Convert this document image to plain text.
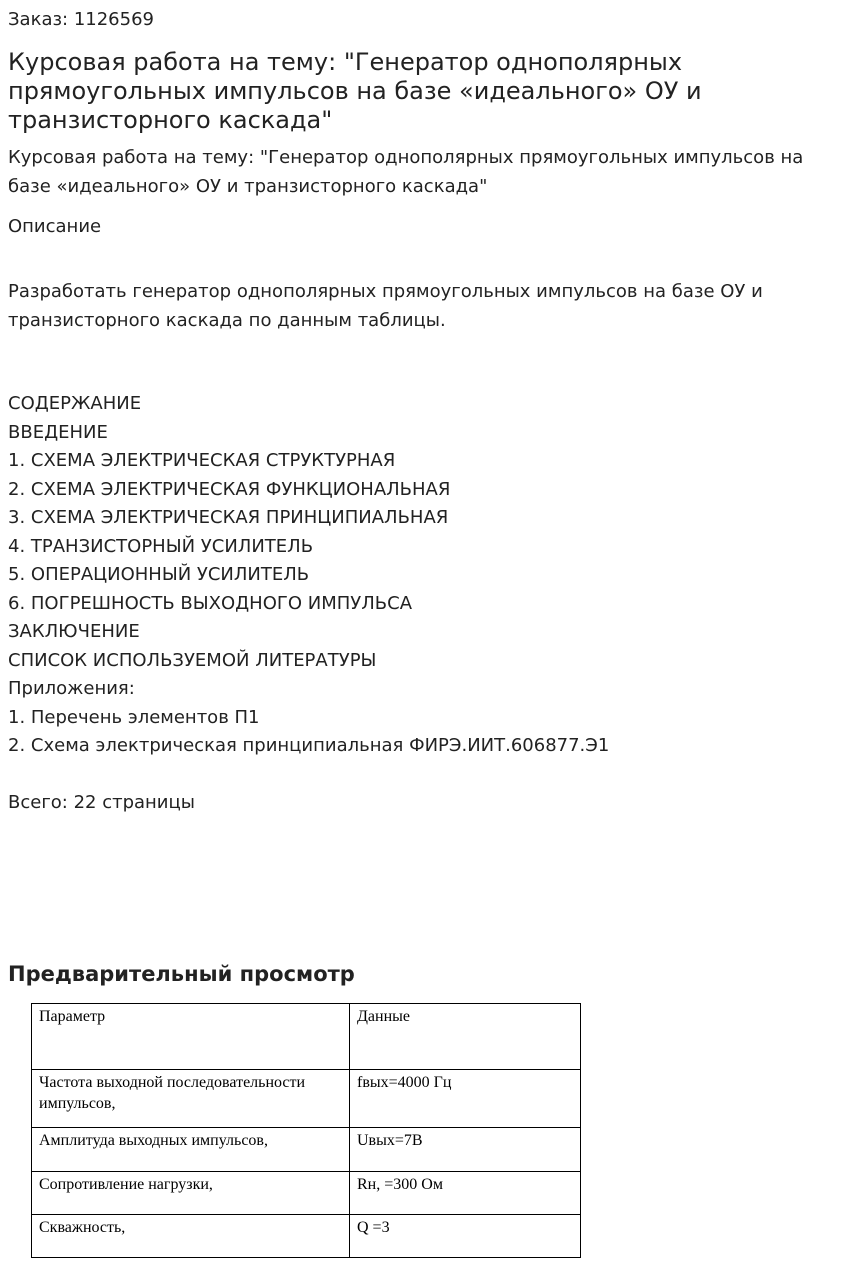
Заказ: 1126569
Курсовая работа на тему: "Генератор однополярных прямоугольных импульсов на базе «идеального» ОУ и транзисторного каскада"
Курсовая работа на тему: "Генератор однополярных прямоугольных импульсов на базе «идеального» ОУ и транзисторного каскада"
Описание
Разработать генератор однополярных прямоугольных импульсов на базе ОУ и транзисторного каскада по данным таблицы.
СОДЕРЖАНИЕ
ВВЕДЕНИЕ
1. СХЕМА ЭЛЕКТРИЧЕСКАЯ СТРУКТУРНАЯ
2. СХЕМА ЭЛЕКТРИЧЕСКАЯ ФУНКЦИОНАЛЬНАЯ
3. СХЕМА ЭЛЕКТРИЧЕСКАЯ ПРИНЦИПИАЛЬНАЯ
4. ТРАНЗИСТОРНЫЙ УСИЛИТЕЛЬ
5. ОПЕРАЦИОННЫЙ УСИЛИТЕЛЬ
6. ПОГРЕШНОСТЬ ВЫХОДНОГО ИМПУЛЬСА
ЗАКЛЮЧЕНИЕ
СПИСОК ИСПОЛЬЗУЕМОЙ ЛИТЕРАТУРЫ
Приложения:
1. Перечень элементов П1
2. Схема электрическая принципиальная ФИРЭ.ИИТ.606877.Э1
Всего: 22 страницы
Предварительный просмотр
Параметр	Данные
Частота выходной последовательности импульсов,	fвых=4000 Гц
Амплитуда выходных импульсов,	Uвых=7В
Сопротивление нагрузки,	Rн, =300 Ом
Скважность,	Q =3
